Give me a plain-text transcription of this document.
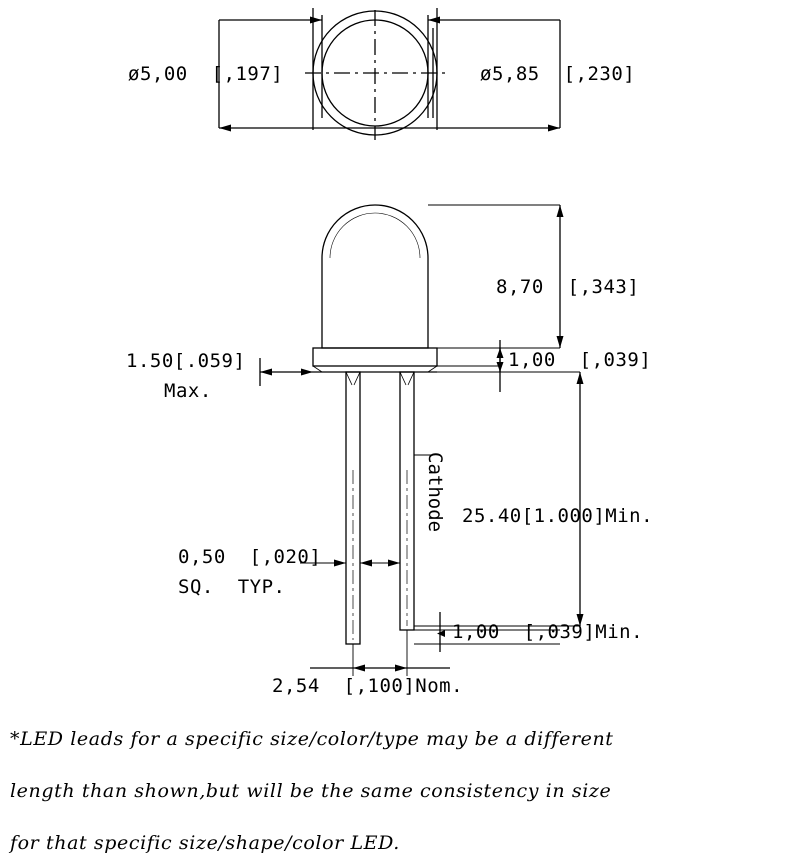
ø5,00  [,197]	ø5,85  [,230]
8,70  [,343]
1,00  [,039]
1.50[.059]
Max.
25.40[1.000]Min.
Cathode
0,50  [,020]
SQ.  TYP.
1,00  [,039]Min.
2,54  [,100]Nom.

*LED leads for a specific size/color/type may be a different

length than shown,but will be the same consistency in size

for that specific size/shape/color LED.
